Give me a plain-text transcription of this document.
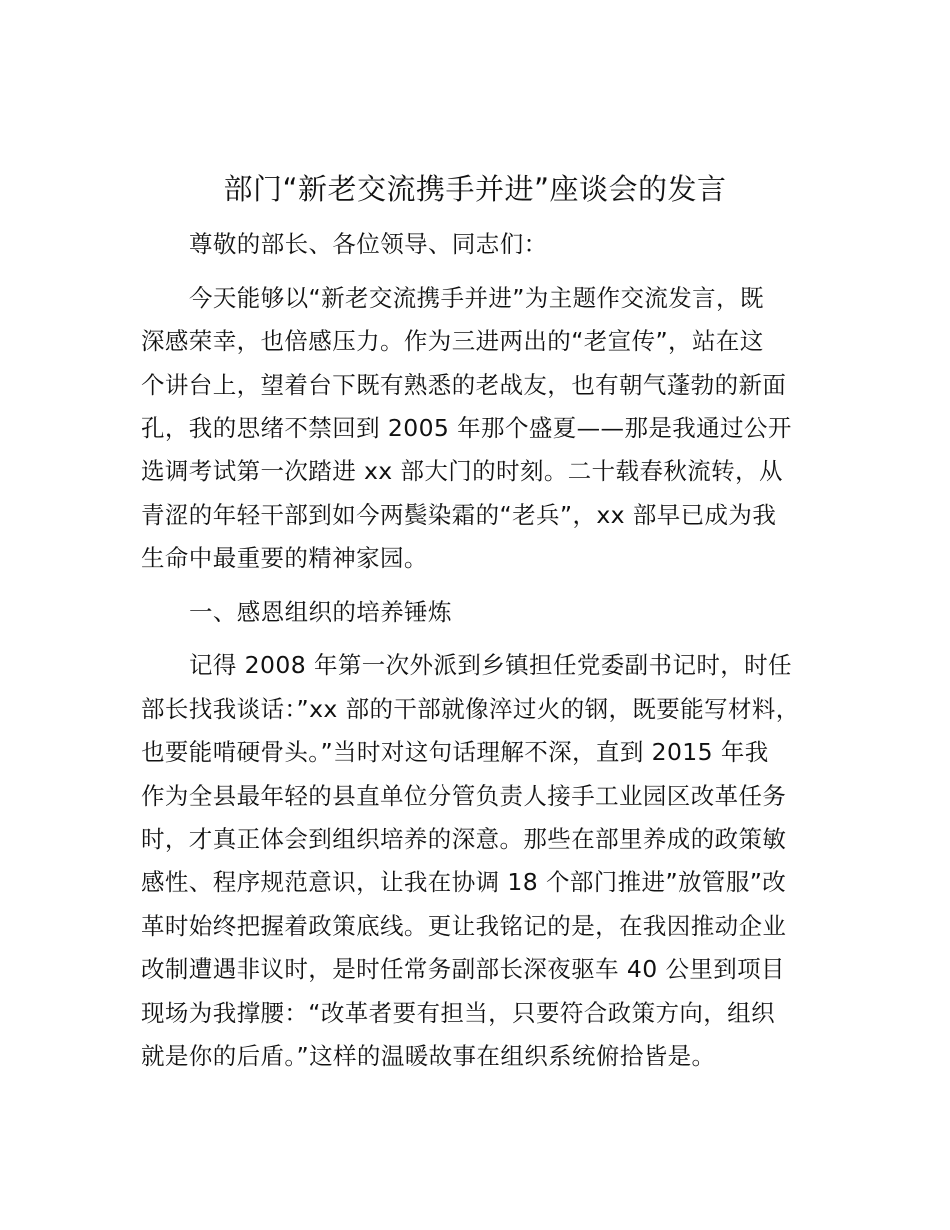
部门“新老交流携手并进”座谈会的发言
尊敬的部长、各位领导、同志们：
今天能够以“新老交流携手并进”为主题作交流发言，既
深感荣幸，也倍感压力。作为三进两出的“老宣传”，站在这
个讲台上，望着台下既有熟悉的老战友，也有朝气蓬勃的新面
孔，我的思绪不禁回到 2005 年那个盛夏——那是我通过公开
选调考试第一次踏进 xx 部大门的时刻。二十载春秋流转，从
青涩的年轻干部到如今两鬓染霜的“老兵”，xx 部早已成为我
生命中最重要的精神家园。
一、感恩组织的培养锤炼
记得 2008 年第一次外派到乡镇担任党委副书记时，时任
部长找我谈话：”xx 部的干部就像淬过火的钢，既要能写材料，
也要能啃硬骨头。”当时对这句话理解不深，直到 2015 年我
作为全县最年轻的县直单位分管负责人接手工业园区改革任务
时，才真正体会到组织培养的深意。那些在部里养成的政策敏
感性、程序规范意识，让我在协调 18 个部门推进”放管服”改
革时始终把握着政策底线。更让我铭记的是，在我因推动企业
改制遭遇非议时，是时任常务副部长深夜驱车 40 公里到项目
现场为我撑腰：“改革者要有担当，只要符合政策方向，组织
就是你的后盾。”这样的温暖故事在组织系统俯拾皆是。
